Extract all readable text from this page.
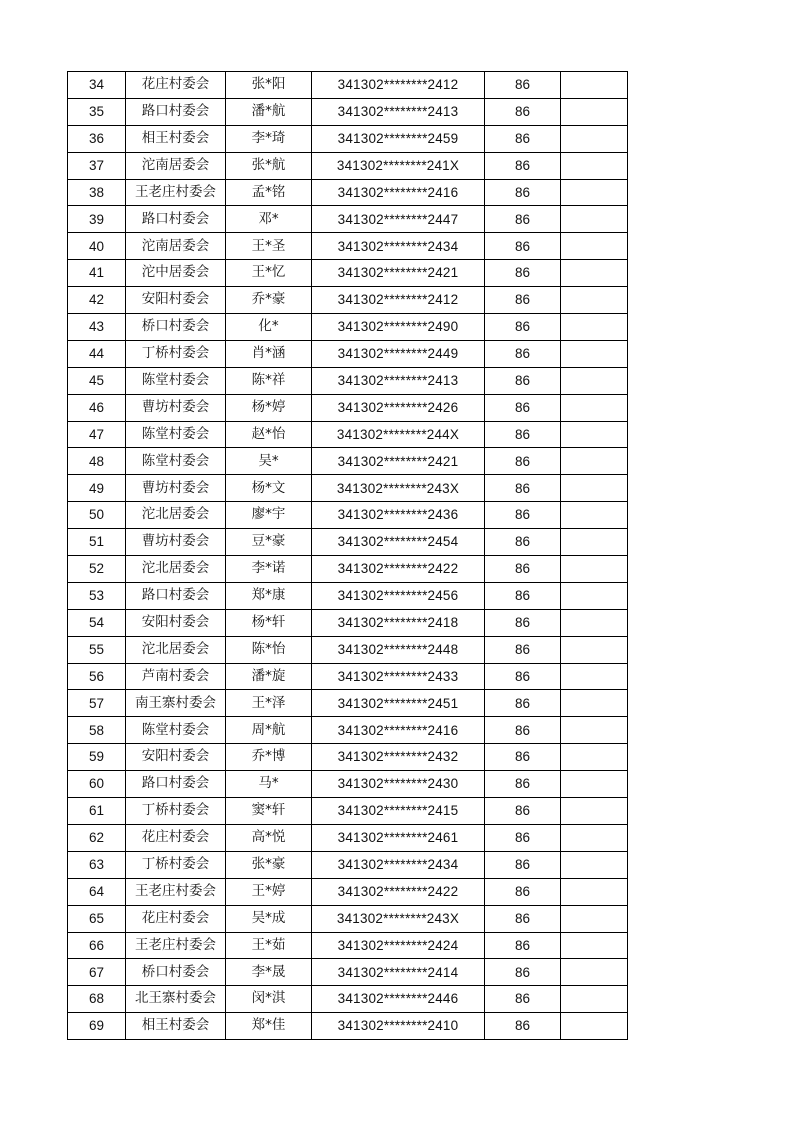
34	花庄村委会	张*阳	341302********2412	86	
35	路口村委会	潘*航	341302********2413	86	
36	相王村委会	李*琦	341302********2459	86	
37	沱南居委会	张*航	341302********241X	86	
38	王老庄村委会	孟*铭	341302********2416	86	
39	路口村委会	邓*	341302********2447	86	
40	沱南居委会	王*圣	341302********2434	86	
41	沱中居委会	王*忆	341302********2421	86	
42	安阳村委会	乔*豪	341302********2412	86	
43	桥口村委会	化*	341302********2490	86	
44	丁桥村委会	肖*涵	341302********2449	86	
45	陈堂村委会	陈*祥	341302********2413	86	
46	曹坊村委会	杨*婷	341302********2426	86	
47	陈堂村委会	赵*怡	341302********244X	86	
48	陈堂村委会	吴*	341302********2421	86	
49	曹坊村委会	杨*文	341302********243X	86	
50	沱北居委会	廖*宇	341302********2436	86	
51	曹坊村委会	豆*豪	341302********2454	86	
52	沱北居委会	李*诺	341302********2422	86	
53	路口村委会	郑*康	341302********2456	86	
54	安阳村委会	杨*轩	341302********2418	86	
55	沱北居委会	陈*怡	341302********2448	86	
56	芦南村委会	潘*旋	341302********2433	86	
57	南王寨村委会	王*泽	341302********2451	86	
58	陈堂村委会	周*航	341302********2416	86	
59	安阳村委会	乔*博	341302********2432	86	
60	路口村委会	马*	341302********2430	86	
61	丁桥村委会	窦*轩	341302********2415	86	
62	花庄村委会	高*悦	341302********2461	86	
63	丁桥村委会	张*豪	341302********2434	86	
64	王老庄村委会	王*婷	341302********2422	86	
65	花庄村委会	吴*成	341302********243X	86	
66	王老庄村委会	王*茹	341302********2424	86	
67	桥口村委会	李*晟	341302********2414	86	
68	北王寨村委会	闵*淇	341302********2446	86	
69	相王村委会	郑*佳	341302********2410	86	
